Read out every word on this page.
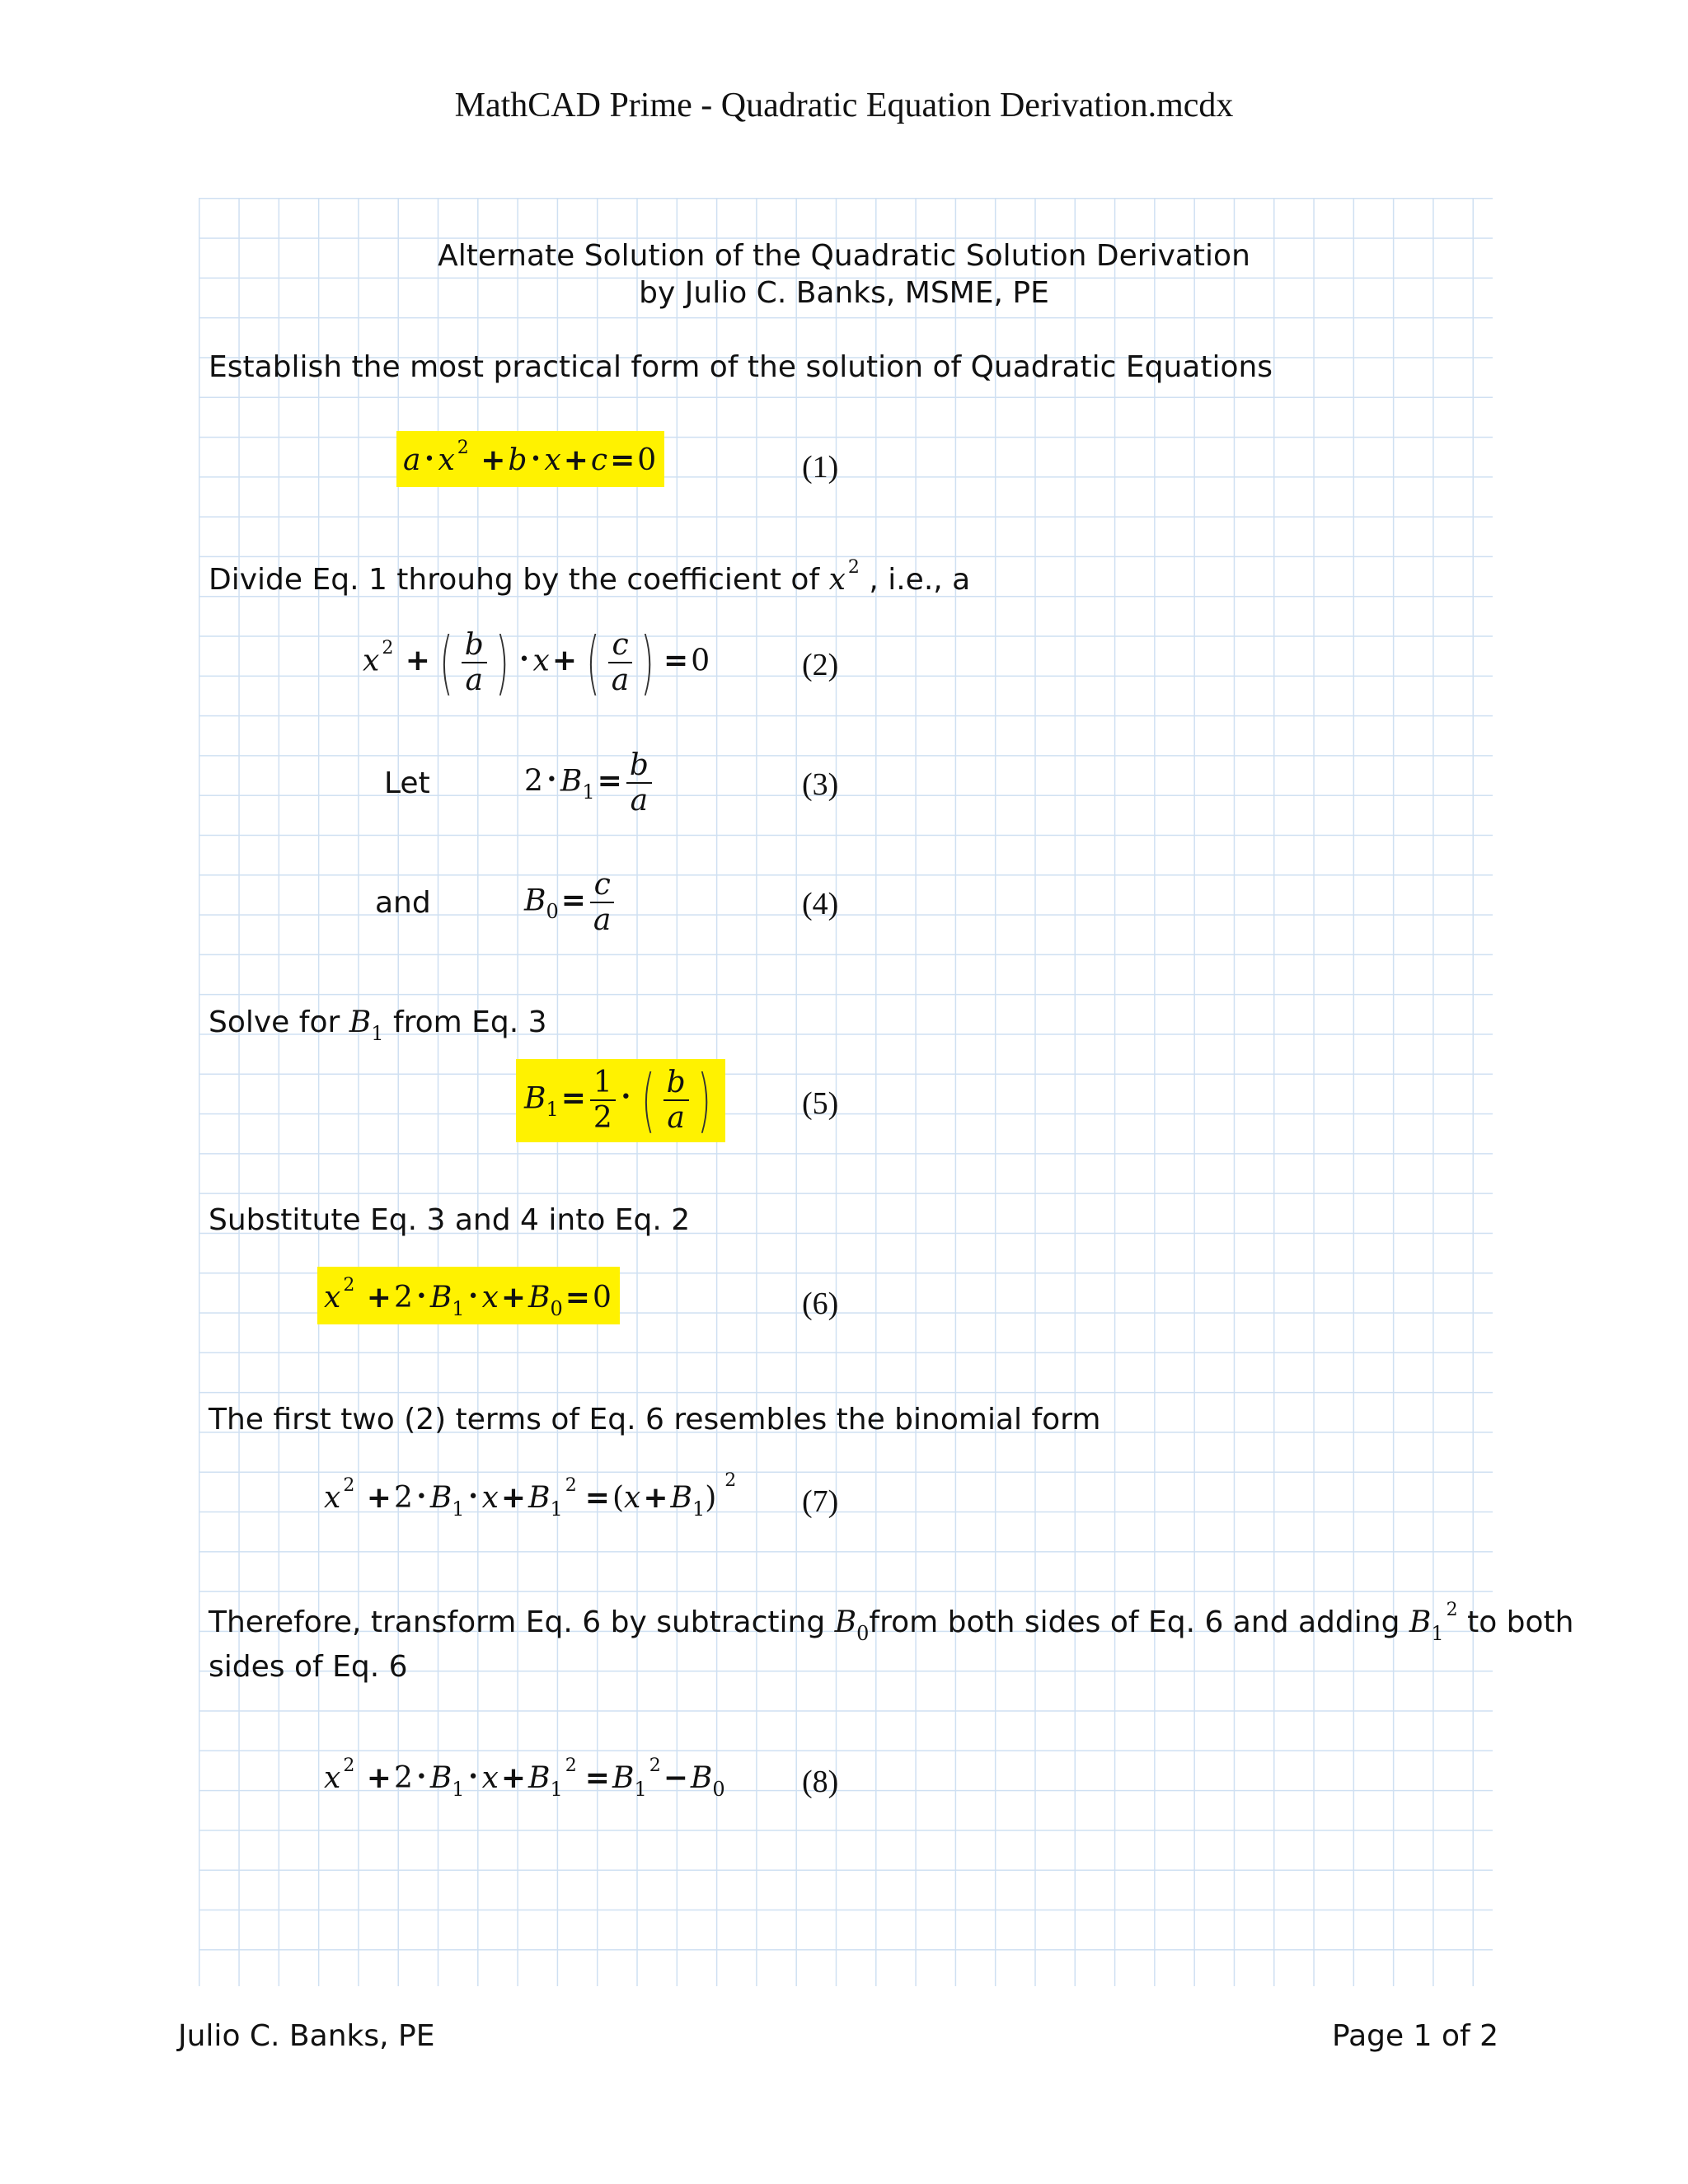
MathCAD Prime - Quadratic Equation Derivation.mcdx
Alternate Solution of the Quadratic Solution Derivation
by Julio C. Banks, MSME, PE
Establish the most practical form of the solution of Quadratic Equations
a • x $^2$ +b • x+c=0	(1)
Divide Eq. 1 throuhg by the coefficient of x $^2$ , i.e., a
x $^2$ + ( $\frac{b}{a}$ ) • x+ ( $\frac{c}{a}$ ) =0	(2)
Let	2 • $B_1= \frac{b}{a}$	(3)
and	$B_0= \frac{c}{a}$	(4)
Solve for $B_1$ from Eq. 3
$B_1= \frac{1}{2}$ • ( $\frac{b}{a}$ )	(5)
Substitute Eq. 3 and 4 into Eq. 2
x $^2$ +2 • $B_1•$ $x+B_0=0$	(6)
The first two (2) terms of Eq. 6 resembles the binomial form
x $^2$ +2 • $B_1•$ $x+B_1^2 =(x+B_1)^2$
(7)
Therefore, transform Eq. 6 by subtracting $B_0from$ both sides of Eq. 6 and adding $B_1^2$ to both
sides of Eq. 6
x $^2$ +2 • $B_1•$ $x+B_1^2 =B_1^2-B_0$ (8)
Julio C. Banks, PE	Page 1 of 2
